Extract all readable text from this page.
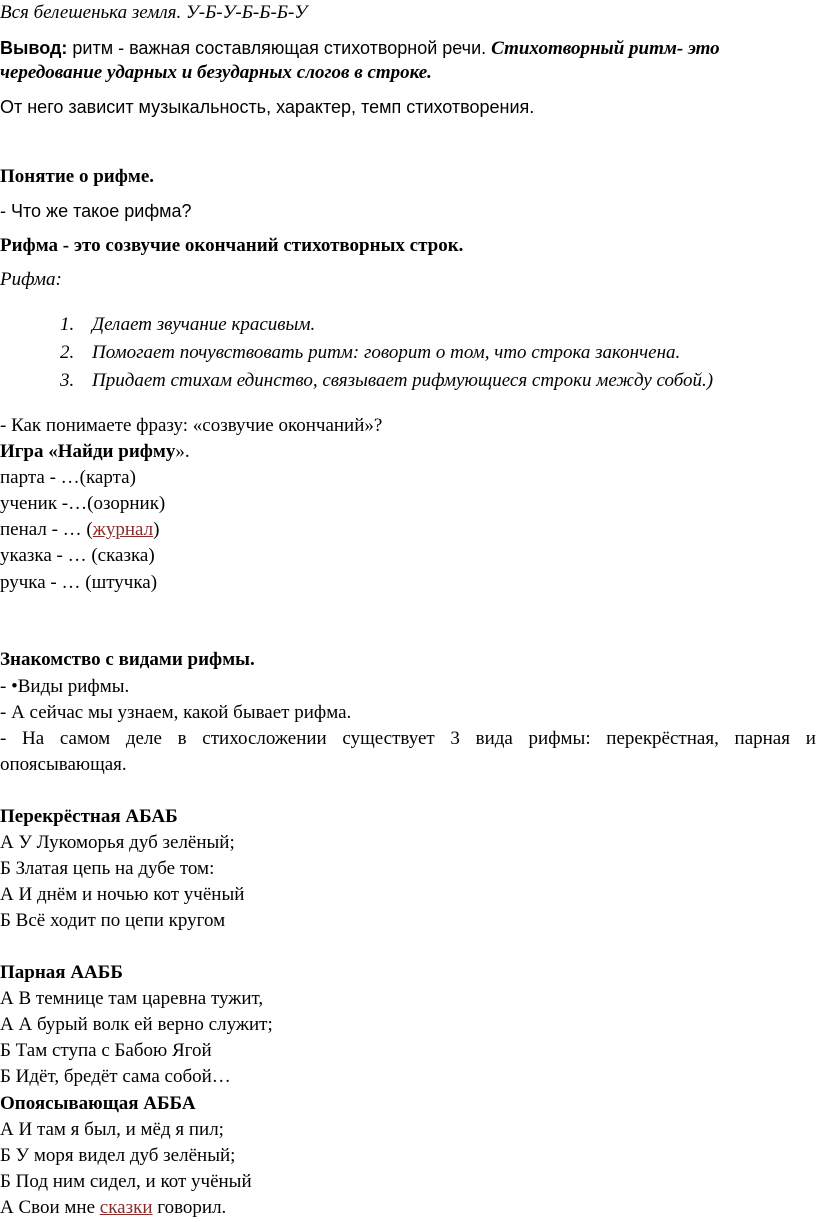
Вся белешенька земля. У-Б-У-Б-Б-Б-У
Вывод: ритм - важная составляющая стихотворной речи. Стихотворный ритм- это
чередование ударных и безударных слогов в строке.
От него зависит музыкальность, характер, темп стихотворения.
Понятие о рифме.
- Что же такое рифма?
Рифма - это созвучие окончаний стихотворных строк.
Рифма:
1. Делает звучание красивым.
2. Помогает почувствовать ритм: говорит о том, что строка закончена.
3. Придает стихам единство, связывает рифмующиеся строки между собой.)
- Как понимаете фразу: «созвучие окончаний»?
Игра «Найди рифму».
парта - …(карта)
ученик -…(озорник)
пенал - … (журнал)
указка - … (сказка)
ручка - … (штучка)
Знакомство с видами рифмы.
- •Виды рифмы.
- А сейчас мы узнаем, какой бывает рифма.
- На самом деле в стихосложении существует 3 вида рифмы: перекрёстная, парная и
опоясывающая.
Перекрёстная АБАБ
А У Лукоморья дуб зелёный;
Б Златая цепь на дубе том:
А И днём и ночью кот учёный
Б Всё ходит по цепи кругом
Парная ААББ
А В темнице там царевна тужит,
А А бурый волк ей верно служит;
Б Там ступа с Бабою Ягой
Б Идёт, бредёт сама собой…
Опоясывающая АББА
А И там я был, и мёд я пил;
Б У моря видел дуб зелёный;
Б Под ним сидел, и кот учёный
А Свои мне сказки говорил.
